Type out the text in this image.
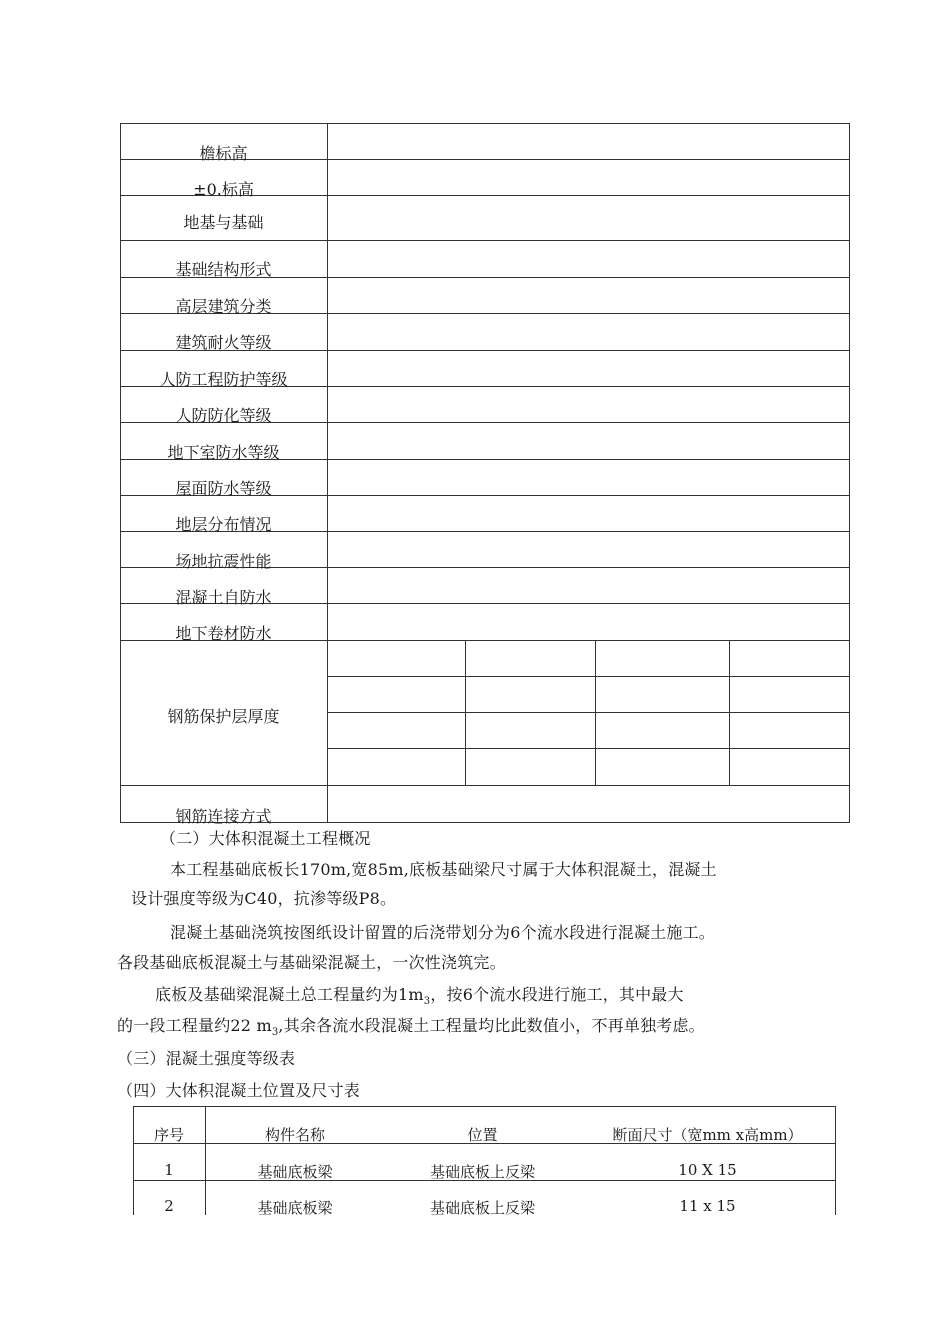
檐标高
±0.标高
地基与基础
基础结构形式
高层建筑分类
建筑耐火等级
人防工程防护等级
人防防化等级
地下室防水等级
屋面防水等级
地层分布情况
场地抗震性能
混凝土自防水
地下卷材防水
钢筋保护层厚度
钢筋连接方式
（二）大体积混凝土工程概况
本工程基础底板长170m,宽85m,底板基础梁尺寸属于大体积混凝土，混凝土
设计强度等级为C40，抗渗等级P8。
混凝土基础浇筑按图纸设计留置的后浇带划分为6个流水段进行混凝土施工。
各段基础底板混凝土与基础梁混凝土，一次性浇筑完。
底板及基础梁混凝土总工程量约为$1m_3$，按6个流水段进行施工，其中最大
的一段工程量约22 $m_3$,其余各流水段混凝土工程量均比此数值小，不再单独考虑。
（三）混凝土强度等级表
（四）大体积混凝土位置及尺寸表
序号	构件名称	位置	断面尺寸（宽mm x高mm）
1	基础底板梁	基础底板上反梁	10 X 15
2	基础底板梁	基础底板上反梁	11 x 15
